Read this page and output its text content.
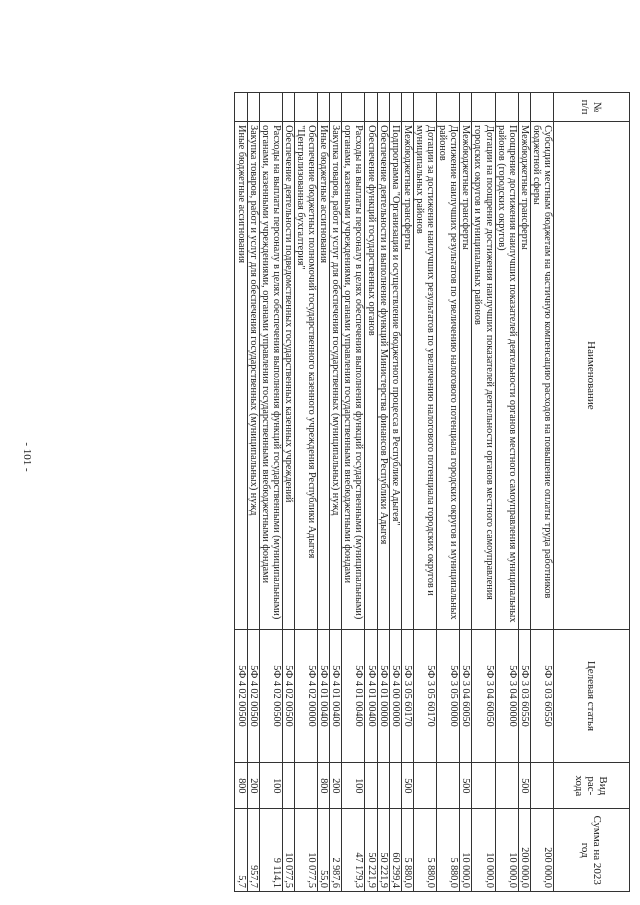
- 101 -
№ п/п	Наименование	Целевая статья	Вид рас-хода	Сумма на 2023 год
	Субсидии местным бюджетам на частичную компенсацию расходов на повышение оплаты труда работников бюджетной сферы	5Ф 3 03 60550		200 000,0
	Межбюджетные трансферты	5Ф 3 03 60550	500	200 000,0
	Поощрение достижения наилучших показателей деятельности органов местного самоуправления муниципальных районов (городских округов)	5Ф 3 04 00000		10 000,0
	Дотации на поощрение достижения наилучших показателей деятельности органов местного самоуправления городских округов и муниципальных районов	5Ф 3 04 60050		10 000,0
	Межбюджетные трансферты	5Ф 3 04 60050	500	10 000,0
	Достижение наилучших результатов по увеличению налогового потенциала городских округов и муниципальных районов	5Ф 3 05 00000		5 880,0
	Дотации за достижение наилучших результатов по увеличению налогового потенциала городских округов и муниципальных районов	5Ф 3 05 60170		5 880,0
	Межбюджетные трансферты	5Ф 3 05 60170	500	5 880,0
	Подпрограмма "Организация и осуществление бюджетного процесса в Республике Адыгея"	5Ф 4 00 00000		60 299,4
	Обеспечение деятельности и выполнение функций Министерства финансов Республики Адыгея	5Ф 4 01 00000		50 221,9
	Обеспечение функций государственных органов	5Ф 4 01 00400		50 221,9
	Расходы на выплаты персоналу в целях обеспечения выполнения функций государственными (муниципальными) органами, казенными учреждениями, органами управления государственными внебюджетными фондами	5Ф 4 01 00400	100	47 179,3
	Закупка товаров, работ и услуг для обеспечения государственных (муниципальных) нужд	5Ф 4 01 00400	200	2 987,6
	Иные бюджетные ассигнования	5Ф 4 01 00400	800	55,0
	Обеспечение бюджетных полномочий государственного казенного учреждения Республики Адыгея "Централизованная бухгалтерия"	5Ф 4 02 00000		10 077,5
	Обеспечение деятельности подведомственных государственных казенных учреждений	5Ф 4 02 00500		10 077,5
	Расходы на выплаты персоналу в целях обеспечения выполнения функций государственными (муниципальными) органами, казенными учреждениями, органами управления государственными внебюджетными фондами	5Ф 4 02 00500	100	9 114,1
	Закупка товаров, работ и услуг для обеспечения государственных (муниципальных) нужд	5Ф 4 02 00500	200	957,7
	Иные бюджетные ассигнования	5Ф 4 02 00500	800	5,7
